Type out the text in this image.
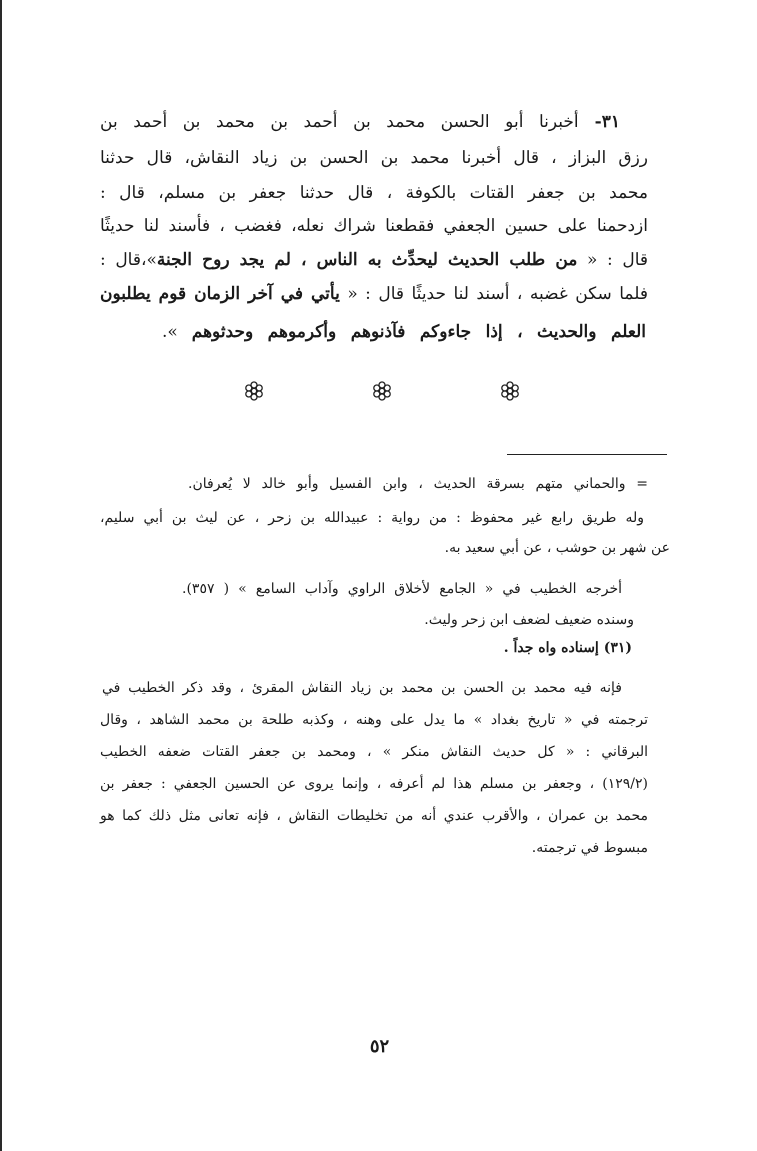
٣١- أخبرنا أبو الحسن محمد بن أحمد بن محمد بن أحمد بن
رزق البزاز ، قال أخبرنا محمد بن الحسن بن زياد النقاش، قال حدثنا
محمد بن جعفر القتات بالكوفة ، قال حدثنا جعفر بن مسلم، قال :
ازدحمنا على حسين الجعفي فقطعنا شراك نعله، فغضب ، فأسند لنا حديثًا
قال : « من طلب الحديث ليحدِّث به الناس ، لم يجد روح الجنة»،قال :
فلما سكن غضبه ، أسند لنا حديثًا قال : « يأتي في آخر الزمان قوم يطلبون
العلم والحديث ، إذا جاءوكم فآذنوهم وأكرموهم وحدثوهم ».
= والحماني متهم بسرقة الحديث ، وابن الفسيل وأبو خالد لا يُعرفان.
وله طريق رابع غير محفوظ : من رواية : عبيدالله بن زحر ، عن ليث بن أبي سليم،
عن شهر بن حوشب ، عن أبي سعيد به.
أخرجه الخطيب في « الجامع لأخلاق الراوي وآداب السامع » ( ٣٥٧).
وسنده ضعيف لضعف ابن زحر وليث.
(٣١) إسناده واه جداً .
فإنه فيه محمد بن الحسن بن محمد بن زياد النقاش المقرئ ، وقد ذكر الخطيب في
ترجمته في « تاريخ بغداد » ما يدل على وهنه ، وكذبه طلحة بن محمد الشاهد ، وقال
البرقاني : « كل حديث النقاش منكر » ، ومحمد بن جعفر القتات ضعفه الخطيب
(١٢٩/٢) ، وجعفر بن مسلم هذا لم أعرفه ، وإنما يروى عن الحسين الجعفي : جعفر بن
محمد بن عمران ، والأقرب عندي أنه من تخليطات النقاش ، فإنه تعانى مثل ذلك كما هو
مبسوط في ترجمته.
٥٢
